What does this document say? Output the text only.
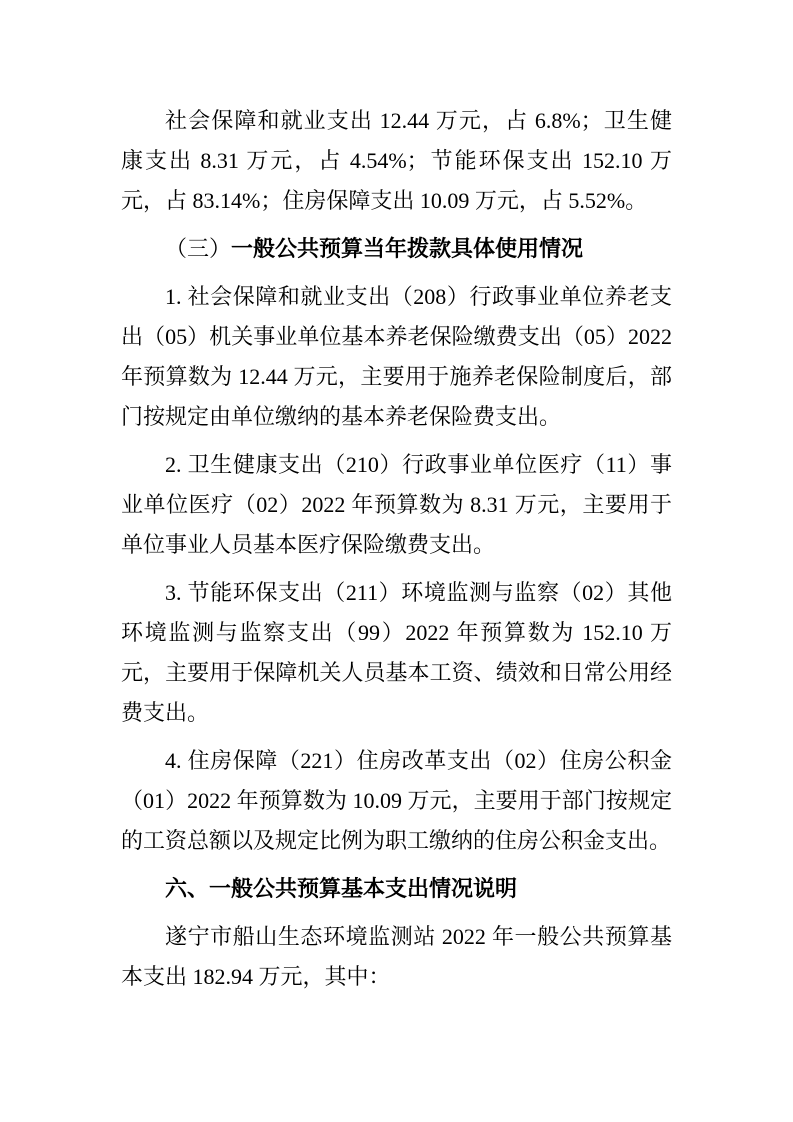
社会保障和就业支出 12.44 万元，占 6.8%；卫生健康支出 8.31 万元，占 4.54%；节能环保支出 152.10 万元，占 83.14%；住房保障支出 10.09 万元，占 5.52%。

（三）一般公共预算当年拨款具体使用情况

1. 社会保障和就业支出（208）行政事业单位养老支出（05）机关事业单位基本养老保险缴费支出（05）2022 年预算数为 12.44 万元，主要用于施养老保险制度后，部门按规定由单位缴纳的基本养老保险费支出。

2. 卫生健康支出（210）行政事业单位医疗（11）事业单位医疗（02）2022 年预算数为 8.31 万元，主要用于单位事业人员基本医疗保险缴费支出。

3. 节能环保支出（211）环境监测与监察（02）其他环境监测与监察支出（99）2022 年预算数为 152.10 万元，主要用于保障机关人员基本工资、绩效和日常公用经费支出。

4. 住房保障（221）住房改革支出（02）住房公积金（01）2022 年预算数为 10.09 万元，主要用于部门按规定的工资总额以及规定比例为职工缴纳的住房公积金支出。

六、一般公共预算基本支出情况说明

遂宁市船山生态环境监测站 2022 年一般公共预算基本支出 182.94 万元，其中：
